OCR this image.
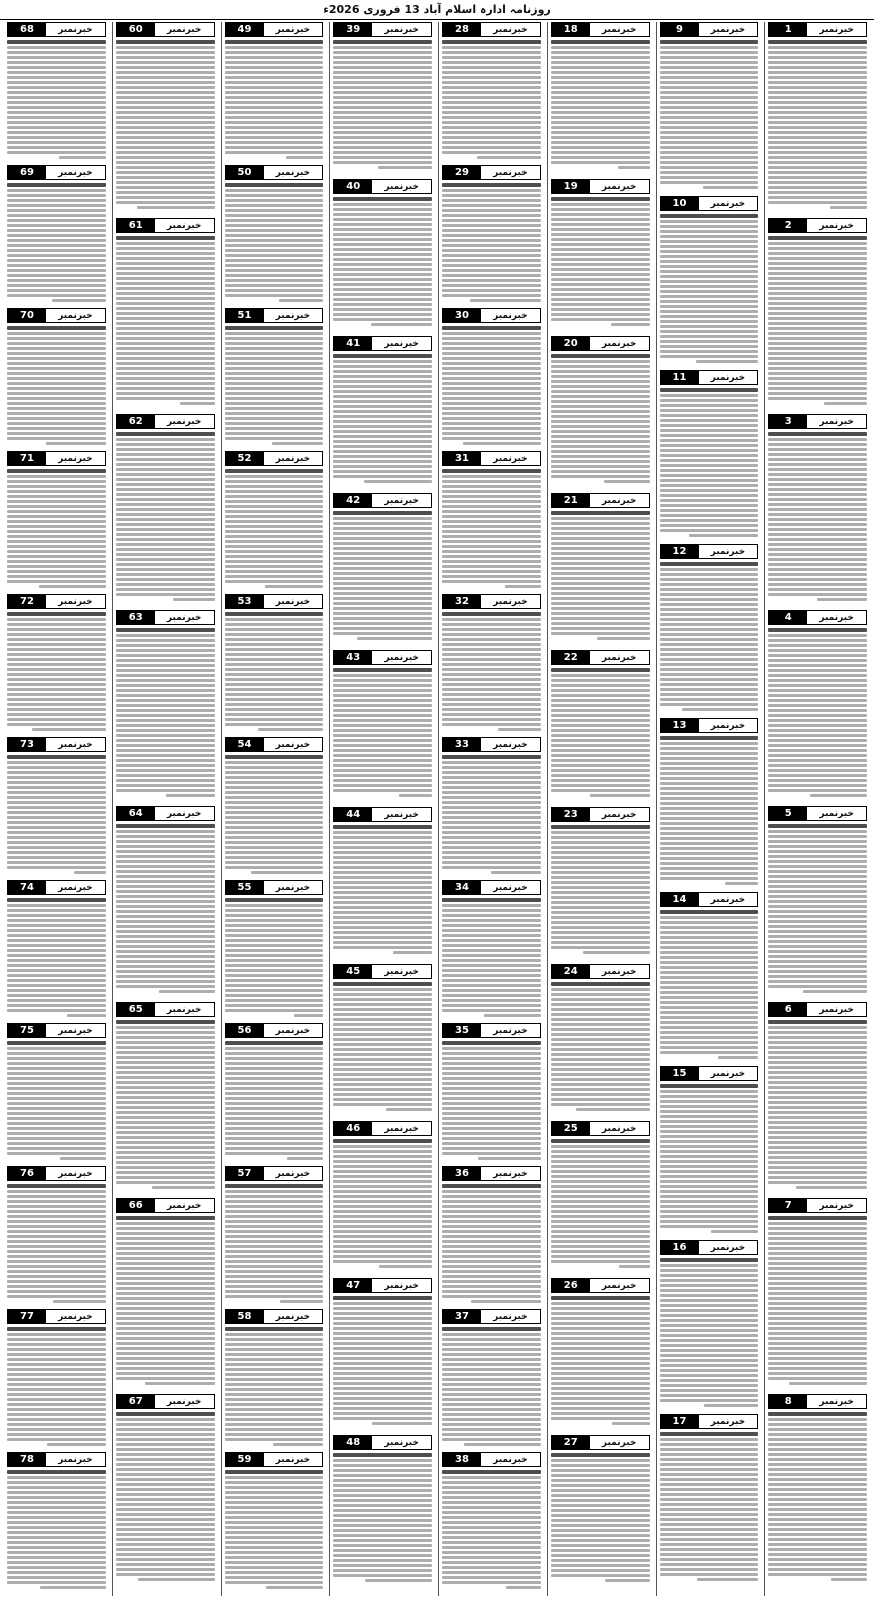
روزنامہ ادارہ اسلام آباد 13 فروری 2026ء
خبرنمبر
1
خبرنمبر
2
خبرنمبر
3
خبرنمبر
4
خبرنمبر
5
خبرنمبر
6
خبرنمبر
7
خبرنمبر
8
خبرنمبر
9
خبرنمبر
10
خبرنمبر
11
خبرنمبر
12
خبرنمبر
13
خبرنمبر
14
خبرنمبر
15
خبرنمبر
16
خبرنمبر
17
خبرنمبر
18
خبرنمبر
19
خبرنمبر
20
خبرنمبر
21
خبرنمبر
22
خبرنمبر
23
خبرنمبر
24
خبرنمبر
25
خبرنمبر
26
خبرنمبر
27
خبرنمبر
28
خبرنمبر
29
خبرنمبر
30
خبرنمبر
31
خبرنمبر
32
خبرنمبر
33
خبرنمبر
34
خبرنمبر
35
خبرنمبر
36
خبرنمبر
37
خبرنمبر
38
خبرنمبر
39
خبرنمبر
40
خبرنمبر
41
خبرنمبر
42
خبرنمبر
43
خبرنمبر
44
خبرنمبر
45
خبرنمبر
46
خبرنمبر
47
خبرنمبر
48
خبرنمبر
49
خبرنمبر
50
خبرنمبر
51
خبرنمبر
52
خبرنمبر
53
خبرنمبر
54
خبرنمبر
55
خبرنمبر
56
خبرنمبر
57
خبرنمبر
58
خبرنمبر
59
خبرنمبر
60
خبرنمبر
61
خبرنمبر
62
خبرنمبر
63
خبرنمبر
64
خبرنمبر
65
خبرنمبر
66
خبرنمبر
67
خبرنمبر
68
خبرنمبر
69
خبرنمبر
70
خبرنمبر
71
خبرنمبر
72
خبرنمبر
73
خبرنمبر
74
خبرنمبر
75
خبرنمبر
76
خبرنمبر
77
خبرنمبر
78
